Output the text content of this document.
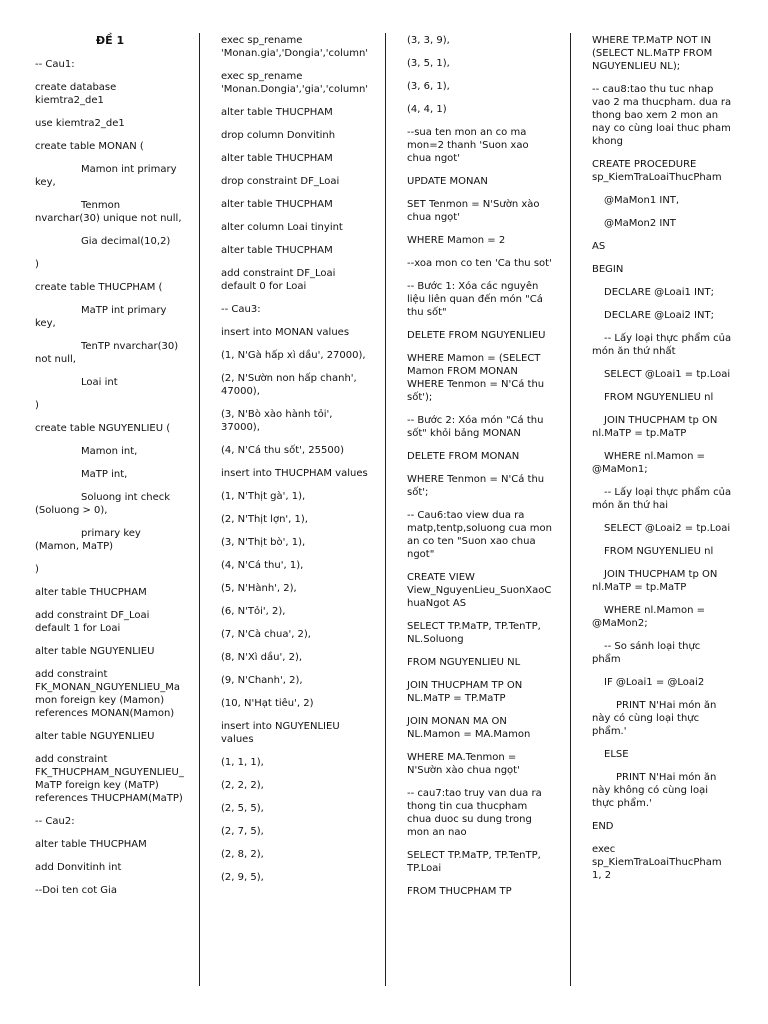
ĐỀ 1
-- Cau1:
create database kiemtra2_de1
use kiemtra2_de1
create table MONAN (
Mamon int primary key,
Tenmon nvarchar(30) unique not null,
Gia decimal(10,2)
)
create table THUCPHAM (
MaTP int primary key,
TenTP nvarchar(30) not null,
Loai int
)
create table NGUYENLIEU (
Mamon int,
MaTP int,
Soluong int check (Soluong > 0),
primary key (Mamon, MaTP)
)
alter table THUCPHAM
add constraint DF_Loai default 1 for Loai
alter table NGUYENLIEU
add constraint FK_MONAN_NGUYENLIEU_Mamon foreign key (Mamon) references MONAN(Mamon)
alter table NGUYENLIEU
add constraint FK_THUCPHAM_NGUYENLIEU_MaTP foreign key (MaTP) references THUCPHAM(MaTP)
-- Cau2:
alter table THUCPHAM
add Donvitinh int
--Doi ten cot Gia
exec sp_rename 'Monan.gia','Dongia','column'
exec sp_rename 'Monan.Dongia','gia','column'
alter table THUCPHAM
drop column Donvitinh
alter table THUCPHAM
drop constraint DF_Loai
alter table THUCPHAM
alter column Loai tinyint
alter table THUCPHAM
add constraint DF_Loai default 0 for Loai
-- Cau3:
insert into MONAN values
(1, N'Gà hấp xì dầu', 27000),
(2, N'Sườn non hấp chanh', 47000),
(3, N'Bò xào hành tỏi', 37000),
(4, N'Cá thu sốt', 25500)
insert into THUCPHAM values
(1, N'Thịt gà', 1),
(2, N'Thịt lợn', 1),
(3, N'Thịt bò', 1),
(4, N'Cá thu', 1),
(5, N'Hành', 2),
(6, N'Tỏi', 2),
(7, N'Cà chua', 2),
(8, N'Xì dầu', 2),
(9, N'Chanh', 2),
(10, N'Hạt tiêu', 2)
insert into NGUYENLIEU values
(1, 1, 1),
(2, 2, 2),
(2, 5, 5),
(2, 7, 5),
(2, 8, 2),
(2, 9, 5),
(3, 3, 9),
(3, 5, 1),
(3, 6, 1),
(4, 4, 1)
--sua ten mon an co ma mon=2 thanh 'Suon xao chua ngot'
UPDATE MONAN
SET Tenmon = N'Sườn xào chua ngọt'
WHERE Mamon = 2
--xoa mon co ten 'Ca thu sot'
-- Bước 1: Xóa các nguyên liệu liên quan đến món "Cá thu sốt"
DELETE FROM NGUYENLIEU
WHERE Mamon = (SELECT Mamon FROM MONAN WHERE Tenmon = N'Cá thu sốt');
-- Bước 2: Xóa món "Cá thu sốt" khỏi bảng MONAN
DELETE FROM MONAN
WHERE Tenmon = N'Cá thu sốt';
-- Cau6:tao view dua ra matp,tentp,soluong cua mon an co ten "Suon xao chua ngot"
CREATE VIEW View_NguyenLieu_SuonXaoChuaNgot AS
SELECT TP.MaTP, TP.TenTP, NL.Soluong
FROM NGUYENLIEU NL
JOIN THUCPHAM TP ON NL.MaTP = TP.MaTP
JOIN MONAN MA ON NL.Mamon = MA.Mamon
WHERE MA.Tenmon = N'Sườn xào chua ngọt'
-- cau7:tao truy van dua ra thong tin cua thucpham chua duoc su dung trong mon an nao
SELECT TP.MaTP, TP.TenTP, TP.Loai
FROM THUCPHAM TP
WHERE TP.MaTP NOT IN (SELECT NL.MaTP FROM NGUYENLIEU NL);
-- cau8:tao thu tuc nhap vao 2 ma thucpham. dua ra thong bao xem 2 mon an nay co cùng loai thuc pham khong
CREATE PROCEDURE sp_KiemTraLoaiThucPham
@MaMon1 INT,
@MaMon2 INT
AS
BEGIN
DECLARE @Loai1 INT;
DECLARE @Loai2 INT;
-- Lấy loại thực phẩm của món ăn thứ nhất
SELECT @Loai1 = tp.Loai
FROM NGUYENLIEU nl
JOIN THUCPHAM tp ON nl.MaTP = tp.MaTP
WHERE nl.Mamon = @MaMon1;
-- Lấy loại thực phẩm của món ăn thứ hai
SELECT @Loai2 = tp.Loai
FROM NGUYENLIEU nl
JOIN THUCPHAM tp ON nl.MaTP = tp.MaTP
WHERE nl.Mamon = @MaMon2;
-- So sánh loại thực phẩm
IF @Loai1 = @Loai2
PRINT N'Hai món ăn này có cùng loại thực phẩm.'
ELSE
PRINT N'Hai món ăn này không có cùng loại thực phẩm.'
END
exec sp_KiemTraLoaiThucPham 1, 2
